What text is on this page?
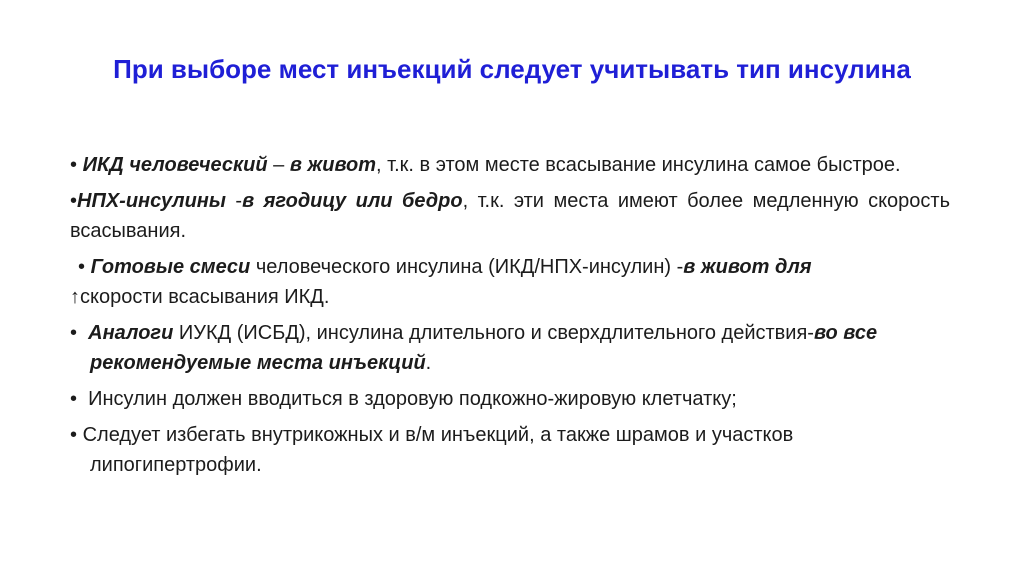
При выборе мест инъекций следует учитывать тип инсулина
• ИКД человеческий – в живот, т.к. в этом месте всасывание инсулина самое быстрое.
•НПХ-инсулины -в ягодицу или бедро, т.к. эти места имеют более медленную скорость всасывания.
• Готовые смеси человеческого инсулина (ИКД/НПХ-инсулин) -в живот для
↑скорости всасывания ИКД.
• Аналоги ИУКД (ИСБД), инсулина длительного и сверхдлительного действия-во все рекомендуемые места инъекций.
• Инсулин должен вводиться в здоровую подкожно-жировую клетчатку;
• Следует избегать внутрикожных и в/м инъекций, а также шрамов и участков липогипертрофии.
